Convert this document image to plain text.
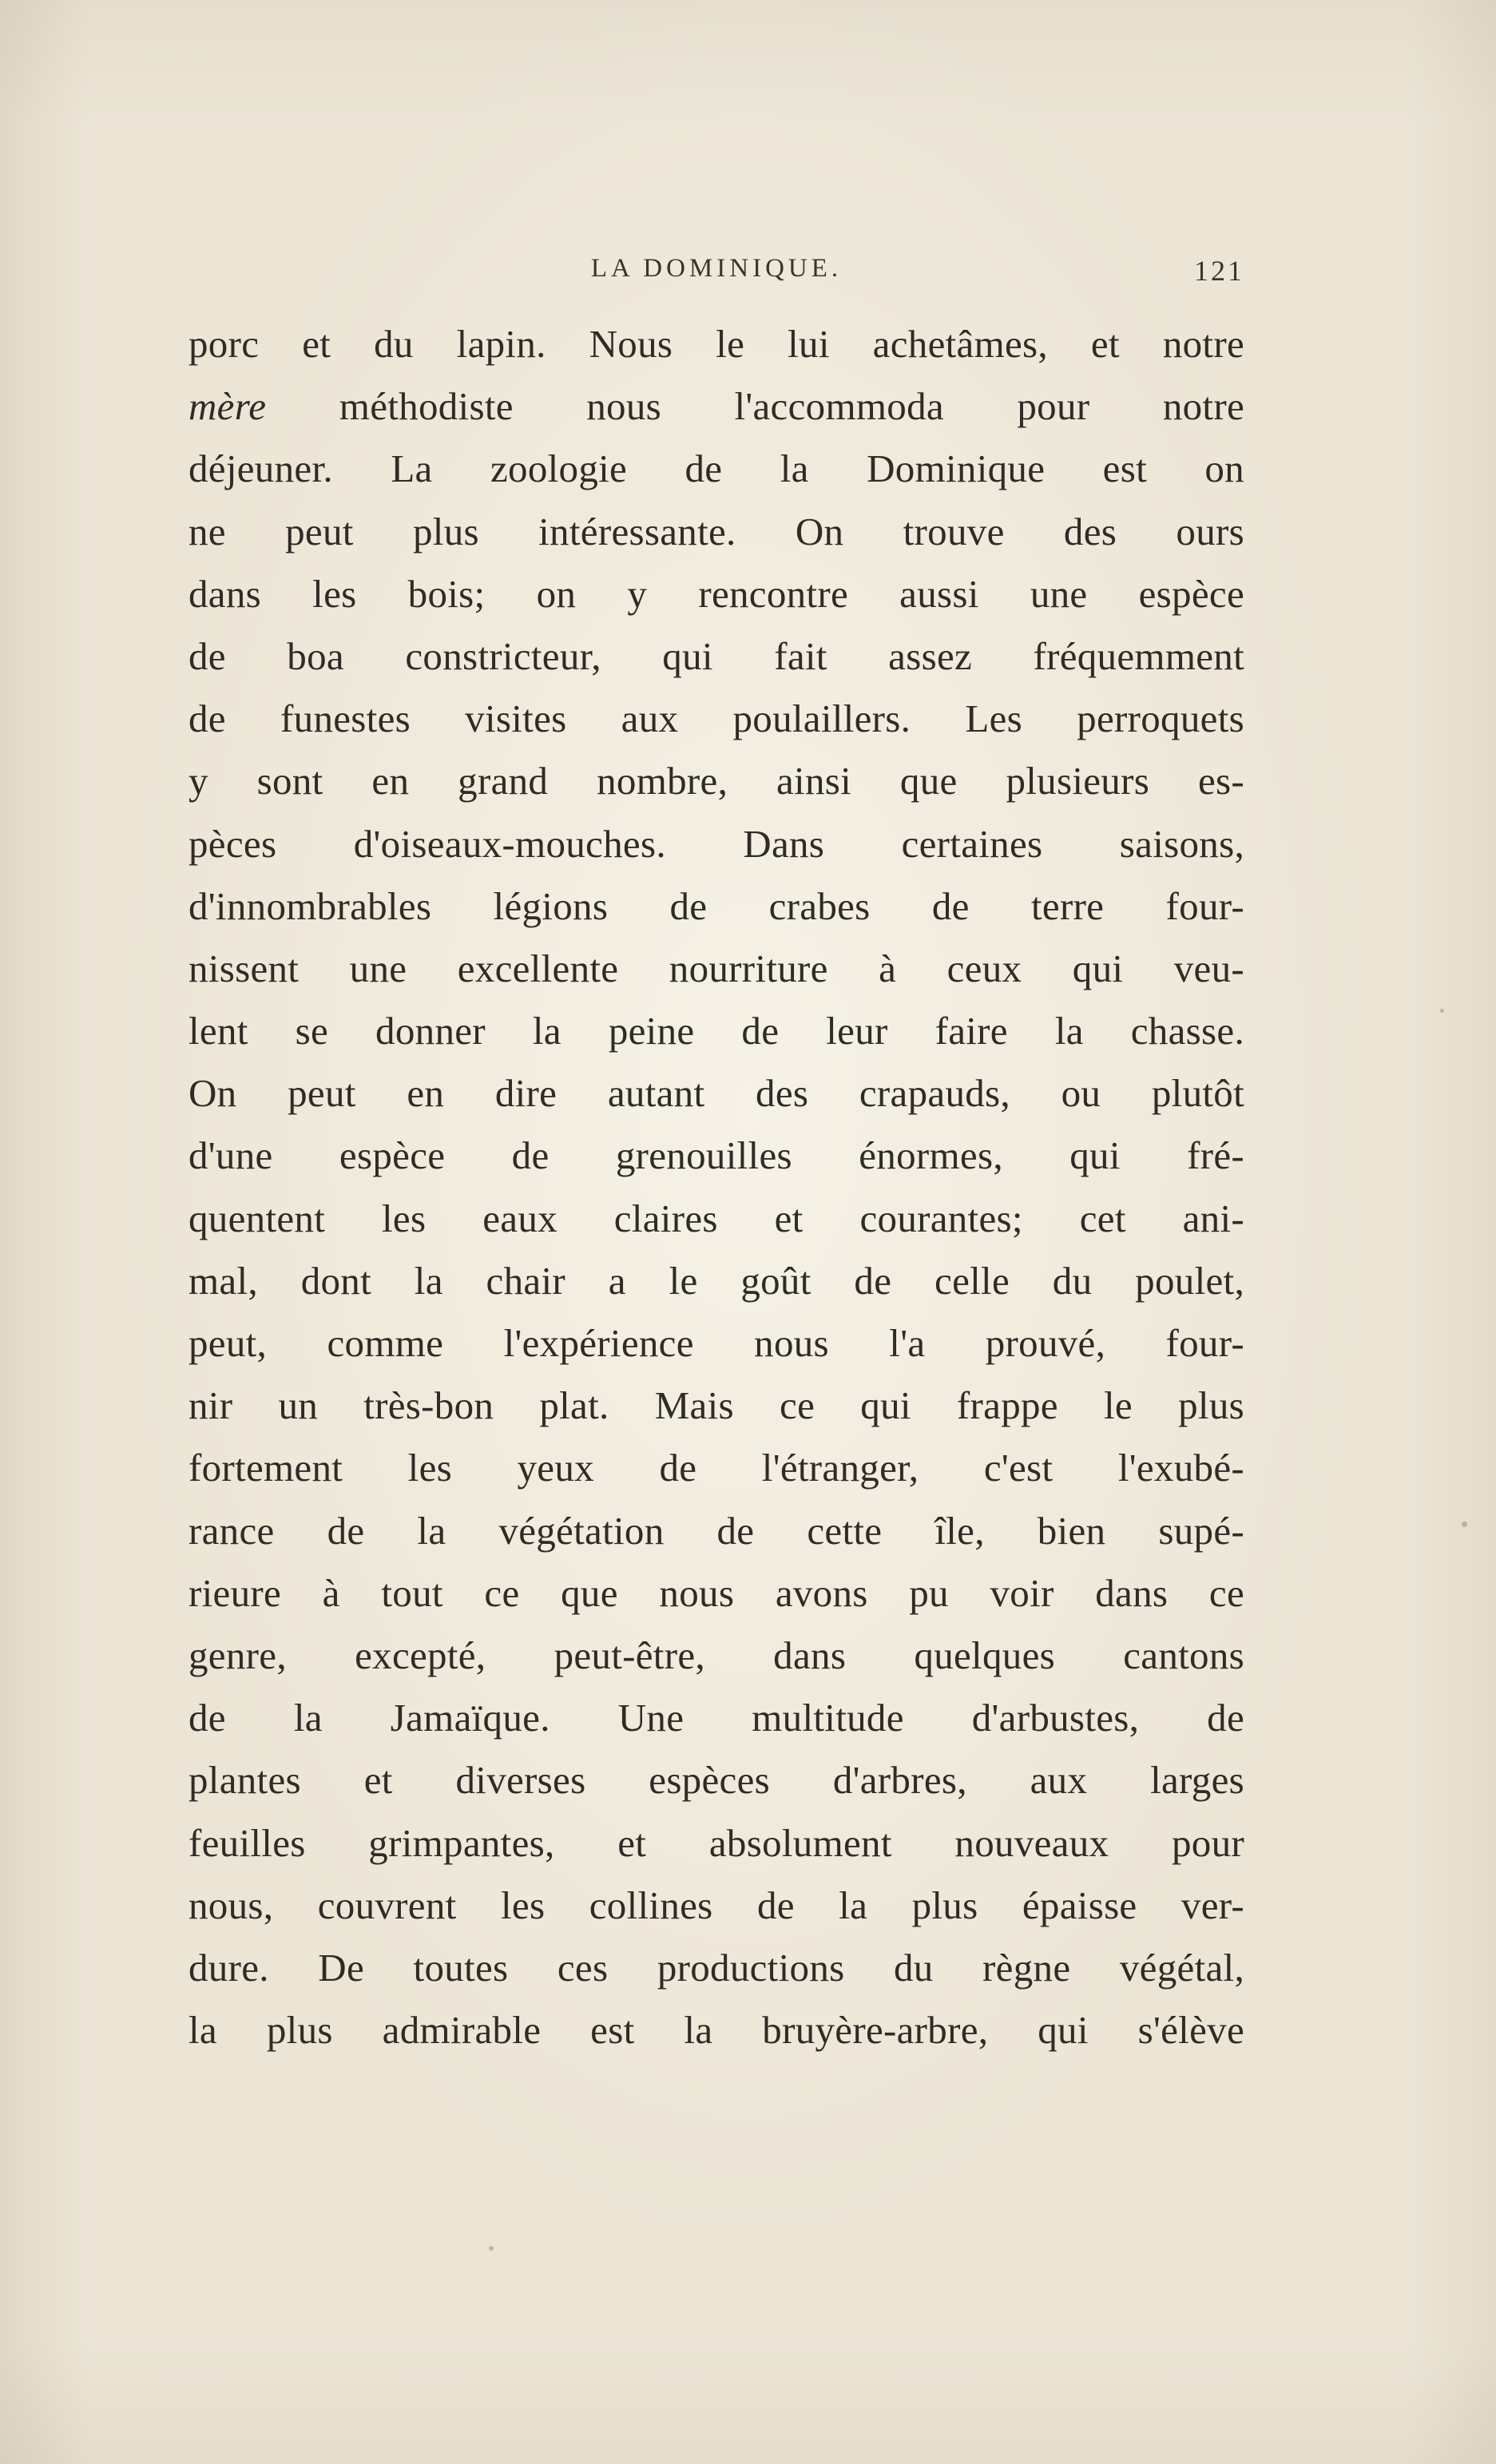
LA DOMINIQUE.	121
porc et du lapin. Nous le lui achetâmes, et notre
mère méthodiste nous l'accommoda pour notre
déjeuner. La zoologie de la Dominique est on
ne peut plus intéressante. On trouve des ours
dans les bois; on y rencontre aussi une espèce
de boa constricteur, qui fait assez fréquemment
de funestes visites aux poulaillers. Les perroquets
y sont en grand nombre, ainsi que plusieurs es-
pèces d'oiseaux-mouches. Dans certaines saisons,
d'innombrables légions de crabes de terre four-
nissent une excellente nourriture à ceux qui veu-
lent se donner la peine de leur faire la chasse.
On peut en dire autant des crapauds, ou plutôt
d'une espèce de grenouilles énormes, qui fré-
quentent les eaux claires et courantes; cet ani-
mal, dont la chair a le goût de celle du poulet,
peut, comme l'expérience nous l'a prouvé, four-
nir un très-bon plat. Mais ce qui frappe le plus
fortement les yeux de l'étranger, c'est l'exubé-
rance de la végétation de cette île, bien supé-
rieure à tout ce que nous avons pu voir dans ce
genre, excepté, peut-être, dans quelques cantons
de la Jamaïque. Une multitude d'arbustes, de
plantes et diverses espèces d'arbres, aux larges
feuilles grimpantes, et absolument nouveaux pour
nous, couvrent les collines de la plus épaisse ver-
dure. De toutes ces productions du règne végétal,
la plus admirable est la bruyère-arbre, qui s'élève
